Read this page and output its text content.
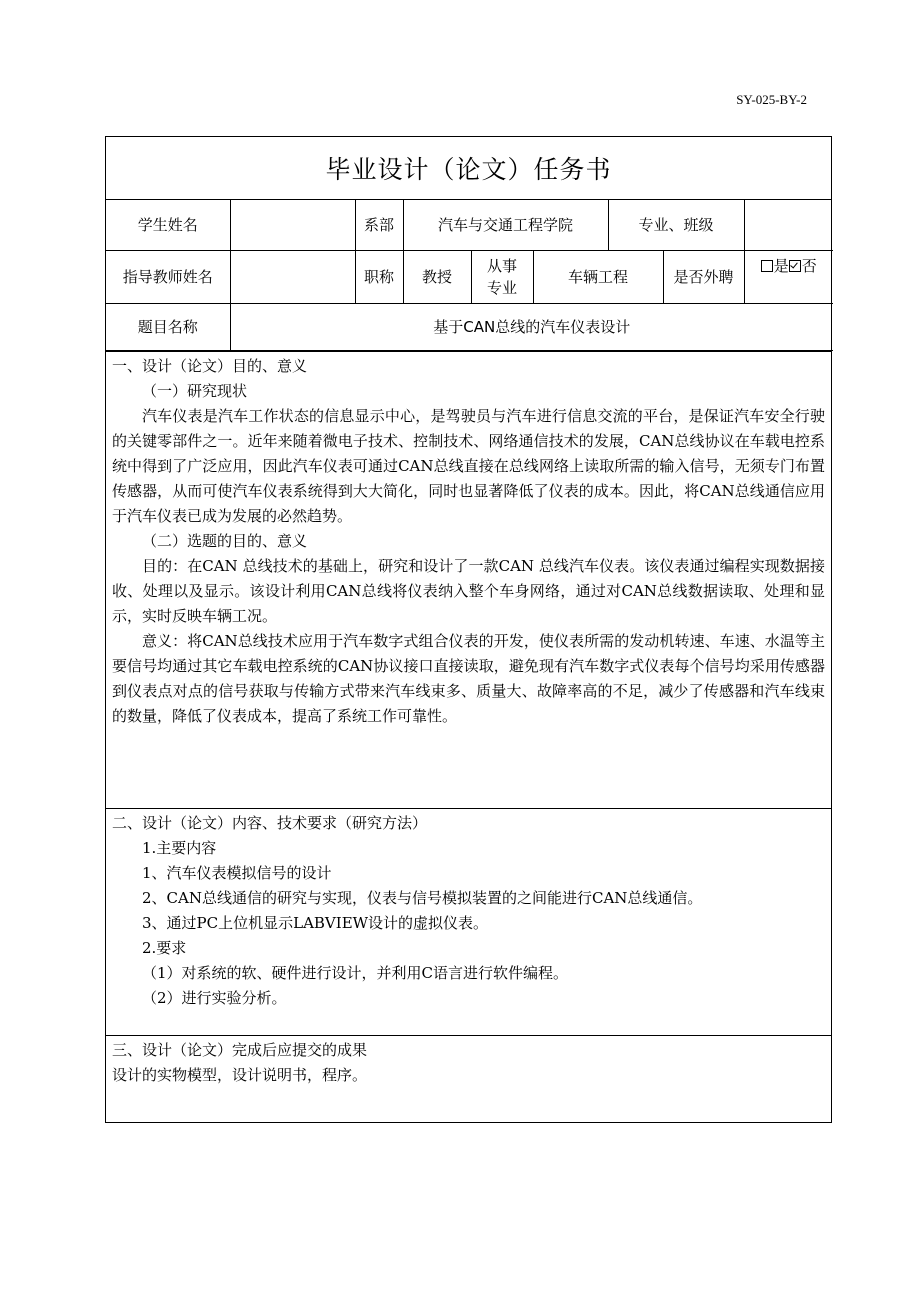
SY-025-BY-2
毕业设计（论文）任务书
学生姓名		系部	汽车与交通工程学院			专业、班级		
指导教师姓名		职称	教授	从事专业	车辆工程		是否外聘	是 否
题目名称	基于CAN总线的汽车仪表设计							

一、设计（论文）目的、意义

（一）研究现状

汽车仪表是汽车工作状态的信息显示中心，是驾驶员与汽车进行信息交流的平台，是保证汽车安全行驶的关键零部件之一。近年来随着微电子技术、控制技术、网络通信技术的发展，CAN总线协议在车载电控系统中得到了广泛应用，因此汽车仪表可通过CAN总线直接在总线网络上读取所需的输入信号，无须专门布置传感器，从而可使汽车仪表系统得到大大简化，同时也显著降低了仪表的成本。因此，将CAN总线通信应用于汽车仪表已成为发展的必然趋势。

（二）选题的目的、意义

目的：在CAN 总线技术的基础上，研究和设计了一款CAN 总线汽车仪表。该仪表通过编程实现数据接收、处理以及显示。该设计利用CAN总线将仪表纳入整个车身网络，通过对CAN总线数据读取、处理和显示，实时反映车辆工况。

意义：将CAN总线技术应用于汽车数字式组合仪表的开发，使仪表所需的发动机转速、车速、水温等主要信号均通过其它车载电控系统的CAN协议接口直接读取，避免现有汽车数字式仪表每个信号均采用传感器到仪表点对点的信号获取与传输方式带来汽车线束多、质量大、故障率高的不足，减少了传感器和汽车线束的数量，降低了仪表成本，提高了系统工作可靠性。

二、设计（论文）内容、技术要求（研究方法）

1.主要内容

1、汽车仪表模拟信号的设计

2、CAN总线通信的研究与实现，仪表与信号模拟装置的之间能进行CAN总线通信。

3、通过PC上位机显示LABVIEW设计的虚拟仪表。

2.要求

（1）对系统的软、硬件进行设计，并利用C语言进行软件编程。

（2）进行实验分析。

三、设计（论文）完成后应提交的成果

设计的实物模型，设计说明书，程序。
